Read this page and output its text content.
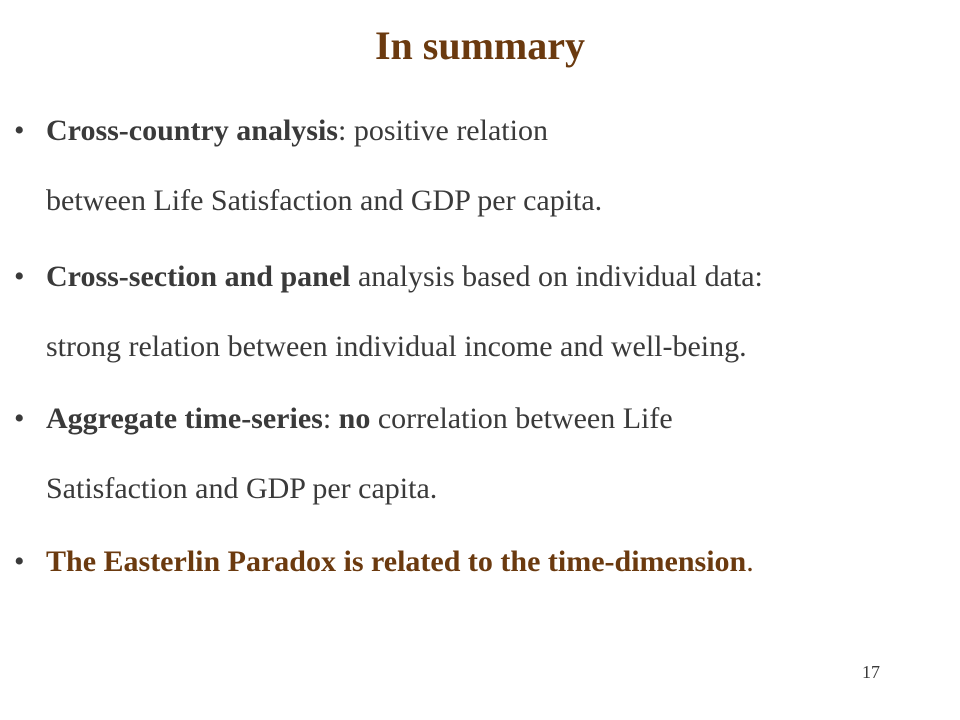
In summary
• Cross-country analysis: positive relation
between Life Satisfaction and GDP per capita.
• Cross-section and panel analysis based on individual data:
strong relation between individual income and well-being.
• Aggregate time-series: no correlation between Life
Satisfaction and GDP per capita.
• The Easterlin Paradox is related to the time-dimension.
17
